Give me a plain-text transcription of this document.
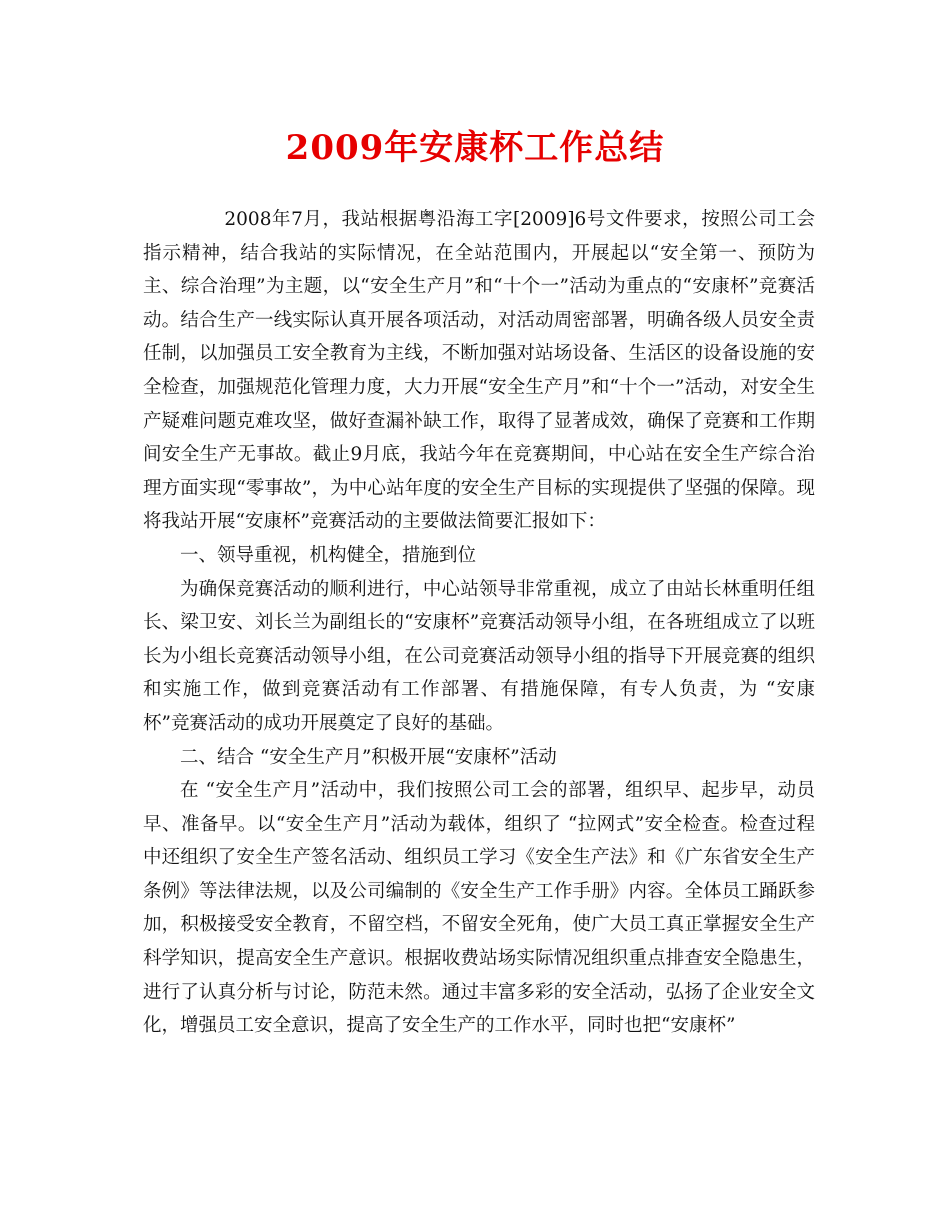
2009年安康杯工作总结

2008年7月，我站根据粤沿海工字[2009]6号文件要求，按照公司工会指示精神，结合我站的实际情况，在全站范围内，开展起以“安全第一、预防为主、综合治理”为主题，以“安全生产月”和“十个一”活动为重点的“安康杯”竞赛活动。结合生产一线实际认真开展各项活动，对活动周密部署，明确各级人员安全责任制，以加强员工安全教育为主线，不断加强对站场设备、生活区的设备设施的安全检查，加强规范化管理力度，大力开展“安全生产月”和“十个一”活动，对安全生产疑难问题克难攻坚，做好查漏补缺工作，取得了显著成效，确保了竞赛和工作期间安全生产无事故。截止9月底，我站今年在竞赛期间，中心站在安全生产综合治理方面实现“零事故”，为中心站年度的安全生产目标的实现提供了坚强的保障。现将我站开展“安康杯”竞赛活动的主要做法简要汇报如下：

一、领导重视，机构健全，措施到位

为确保竞赛活动的顺利进行，中心站领导非常重视，成立了由站长林重明任组长、梁卫安、刘长兰为副组长的“安康杯”竞赛活动领导小组，在各班组成立了以班长为小组长竞赛活动领导小组，在公司竞赛活动领导小组的指导下开展竞赛的组织和实施工作，做到竞赛活动有工作部署、有措施保障，有专人负责，为 “安康杯”竞赛活动的成功开展奠定了良好的基础。

二、结合 “安全生产月”积极开展“安康杯”活动

在 “安全生产月”活动中，我们按照公司工会的部署，组织早、起步早，动员早、准备早。以“安全生产月”活动为载体，组织了 “拉网式”安全检查。检查过程中还组织了安全生产签名活动、组织员工学习《安全生产法》和《广东省安全生产条例》等法律法规，以及公司编制的《安全生产工作手册》内容。全体员工踊跃参加，积极接受安全教育，不留空档，不留安全死角，使广大员工真正掌握安全生产科学知识，提高安全生产意识。根据收费站场实际情况组织重点排查安全隐患生，进行了认真分析与讨论，防范未然。通过丰富多彩的安全活动，弘扬了企业安全文化，增强员工安全意识，提高了安全生产的工作水平，同时也把“安康杯”
